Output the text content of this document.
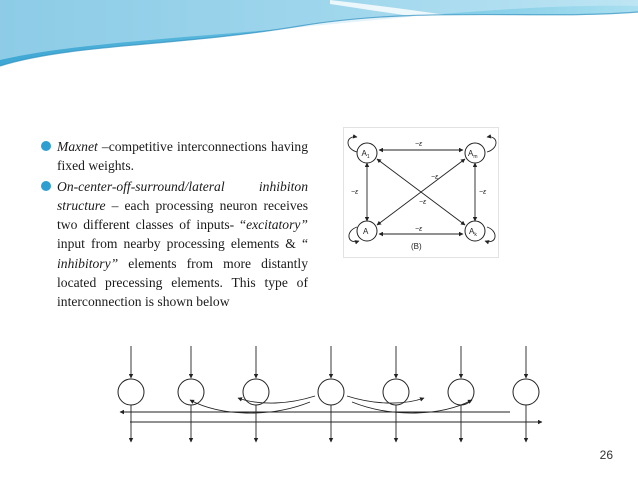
Maxnet –competitive interconnections having fixed weights.

On-center-off-surround/lateral inhibiton structure – each processing neuron receives two different classes of inputs- “excitatory” input from nearby processing elements & “ inhibitory” elements from more distantly located precessing elements. This type of interconnection is shown below

$A_1$	$A_m$
A	$A_k$
−ε
−ε	−ε
−ε
−ε
−ε
(B)
26
